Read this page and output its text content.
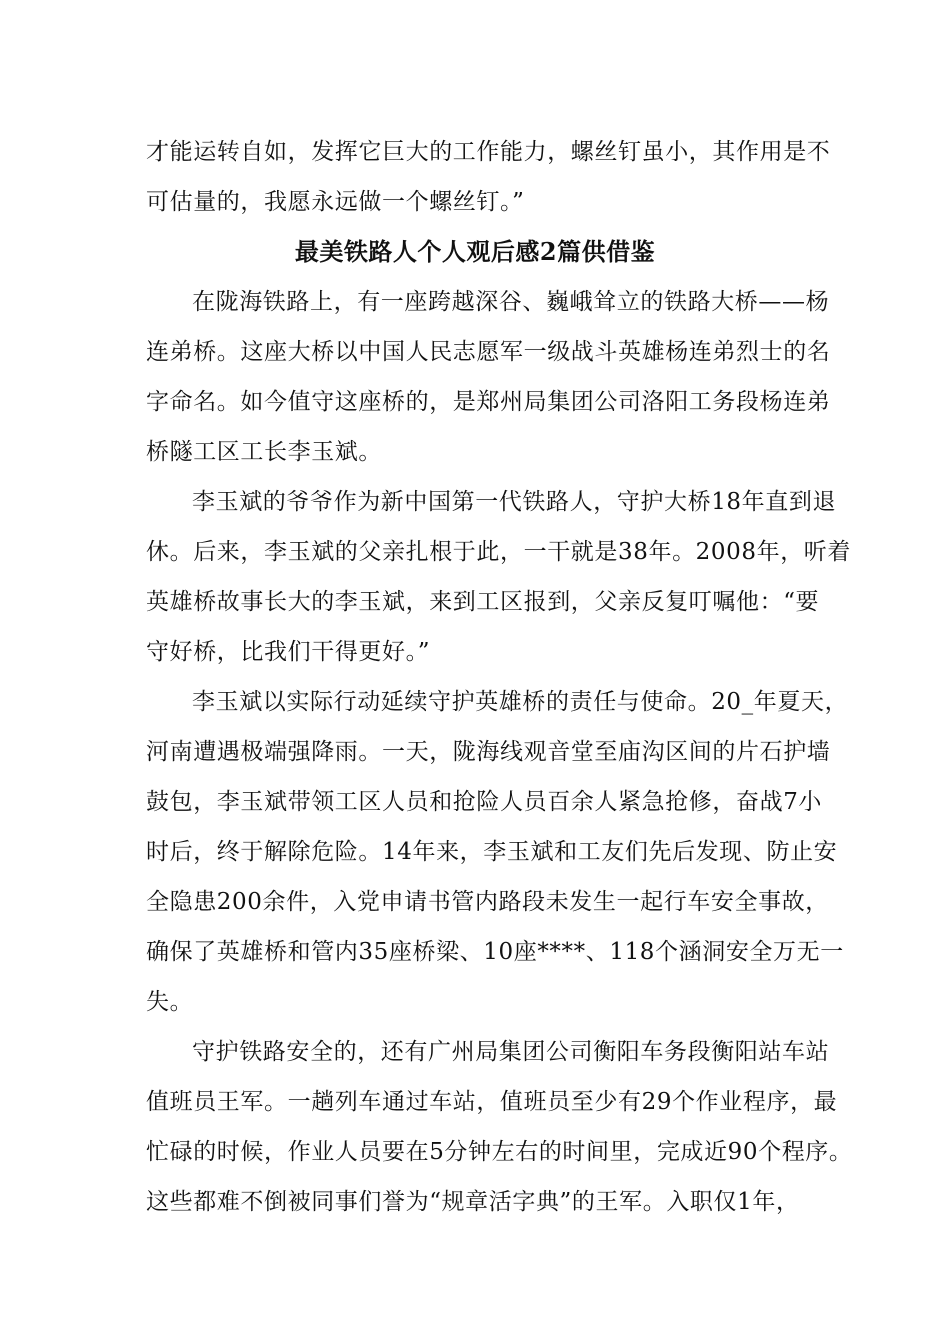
才能运转自如，发挥它巨大的工作能力，螺丝钉虽小，其作用是不
可估量的，我愿永远做一个螺丝钉。”
最美铁路人个人观后感2篇供借鉴
在陇海铁路上，有一座跨越深谷、巍峨耸立的铁路大桥——杨
连弟桥。这座大桥以中国人民志愿军一级战斗英雄杨连弟烈士的名
字命名。如今值守这座桥的，是郑州局集团公司洛阳工务段杨连弟
桥隧工区工长李玉斌。
李玉斌的爷爷作为新中国第一代铁路人，守护大桥18年直到退
休。后来，李玉斌的父亲扎根于此，一干就是38年。2008年，听着
英雄桥故事长大的李玉斌，来到工区报到，父亲反复叮嘱他：“要
守好桥，比我们干得更好。”
李玉斌以实际行动延续守护英雄桥的责任与使命。20_年夏天，
河南遭遇极端强降雨。一天，陇海线观音堂至庙沟区间的片石护墙
鼓包，李玉斌带领工区人员和抢险人员百余人紧急抢修，奋战7小
时后，终于解除危险。14年来，李玉斌和工友们先后发现、防止安
全隐患200余件，入党申请书管内路段未发生一起行车安全事故，
确保了英雄桥和管内35座桥梁、10座****、118个涵洞安全万无一
失。
守护铁路安全的，还有广州局集团公司衡阳车务段衡阳站车站
值班员王军。一趟列车通过车站，值班员至少有29个作业程序，最
忙碌的时候，作业人员要在5分钟左右的时间里，完成近90个程序。
这些都难不倒被同事们誉为“规章活字典”的王军。入职仅1年，
